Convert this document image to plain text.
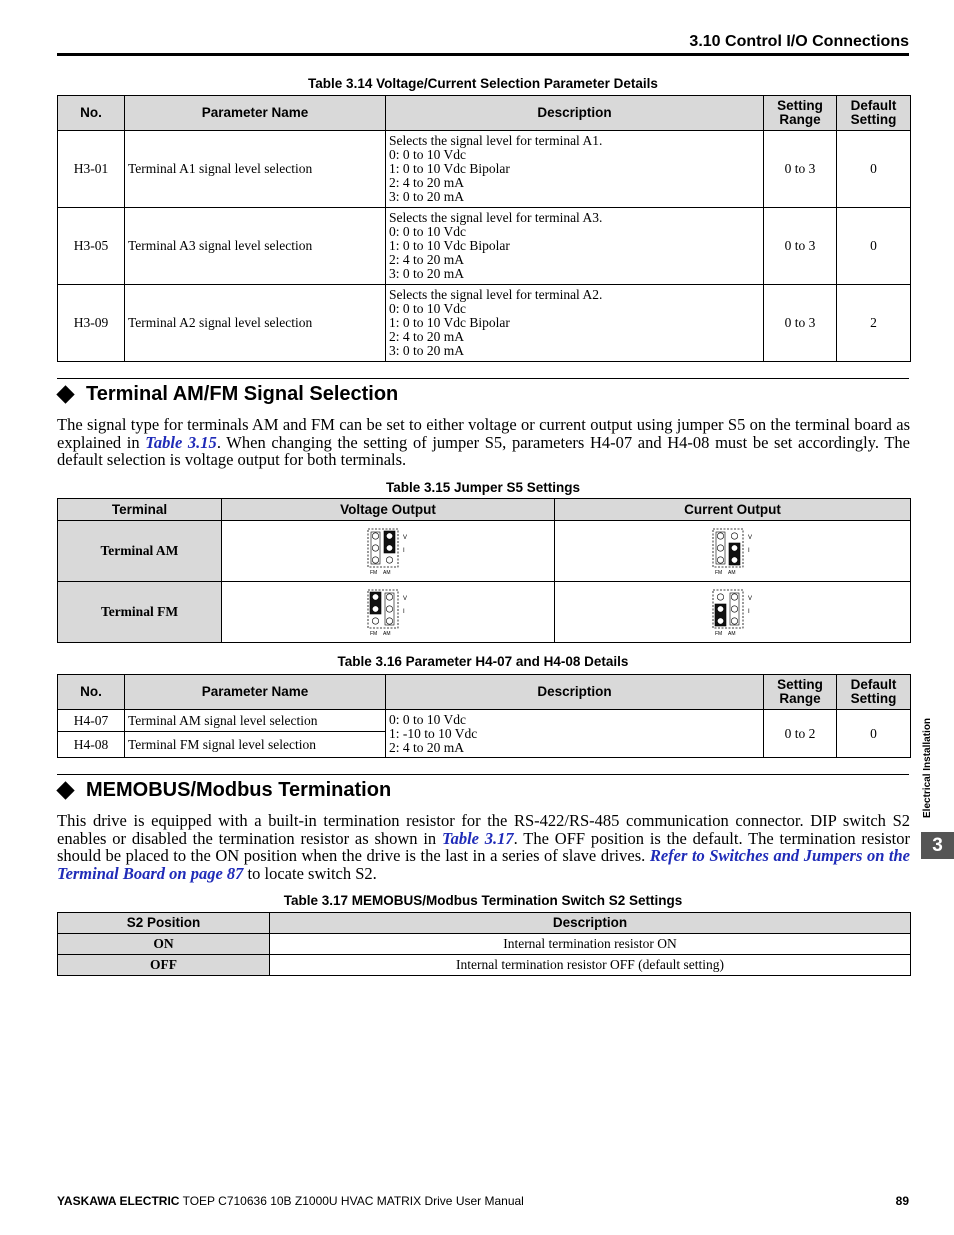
3.10 Control I/O Connections
Table 3.14 Voltage/Current Selection Parameter Details
No.	Parameter Name	Description	Setting Range	Default Setting
H3-01	Terminal A1 signal level selection	Selects the signal level for terminal A1.
0: 0 to 10 Vdc
1: 0 to 10 Vdc Bipolar
2: 4 to 20 mA
3: 0 to 20 mA	0 to 3	0
H3-05	Terminal A3 signal level selection	Selects the signal level for terminal A3.
0: 0 to 10 Vdc
1: 0 to 10 Vdc Bipolar
2: 4 to 20 mA
3: 0 to 20 mA	0 to 3	0
H3-09	Terminal A2 signal level selection	Selects the signal level for terminal A2.
0: 0 to 10 Vdc
1: 0 to 10 Vdc Bipolar
2: 4 to 20 mA
3: 0 to 20 mA	0 to 3	2
Terminal AM/FM Signal Selection
The signal type for terminals AM and FM can be set to either voltage or current output using jumper S5 on the terminal board as explained in Table 3.15. When changing the setting of jumper S5, parameters H4-07 and H4-08 must be set accordingly. The default selection is voltage output for both terminals.
Table 3.15 Jumper S5 Settings
Terminal	Voltage Output	Current Output
Terminal AM	V
I
FM AM	V
I
FM AM

Terminal FM	V
I
FM AM	V
I
FM AM
Table 3.16 Parameter H4-07 and H4-08 Details
No.	Parameter Name	Description	Setting Range	Default Setting
H4-07	Terminal AM signal level selection	0: 0 to 10 Vdc
1: -10 to 10 Vdc
2: 4 to 20 mA	0 to 2	0
H4-08	Terminal FM signal level selection			
MEMOBUS/Modbus Termination
This drive is equipped with a built-in termination resistor for the RS-422/RS-485 communication connector. DIP switch S2 enables or disabled the termination resistor as shown in Table 3.17. The OFF position is the default. The termination resistor should be placed to the ON position when the drive is the last in a series of slave drives. Refer to Switches and Jumpers on the Terminal Board on page 87 to locate switch S2.
Table 3.17 MEMOBUS/Modbus Termination Switch S2 Settings
S2 Position	Description
ON	Internal termination resistor ON
OFF	Internal termination resistor OFF (default setting)
Electrical Installation
3
YASKAWA ELECTRIC TOEP C710636 10B Z1000U HVAC MATRIX Drive User Manual	89
